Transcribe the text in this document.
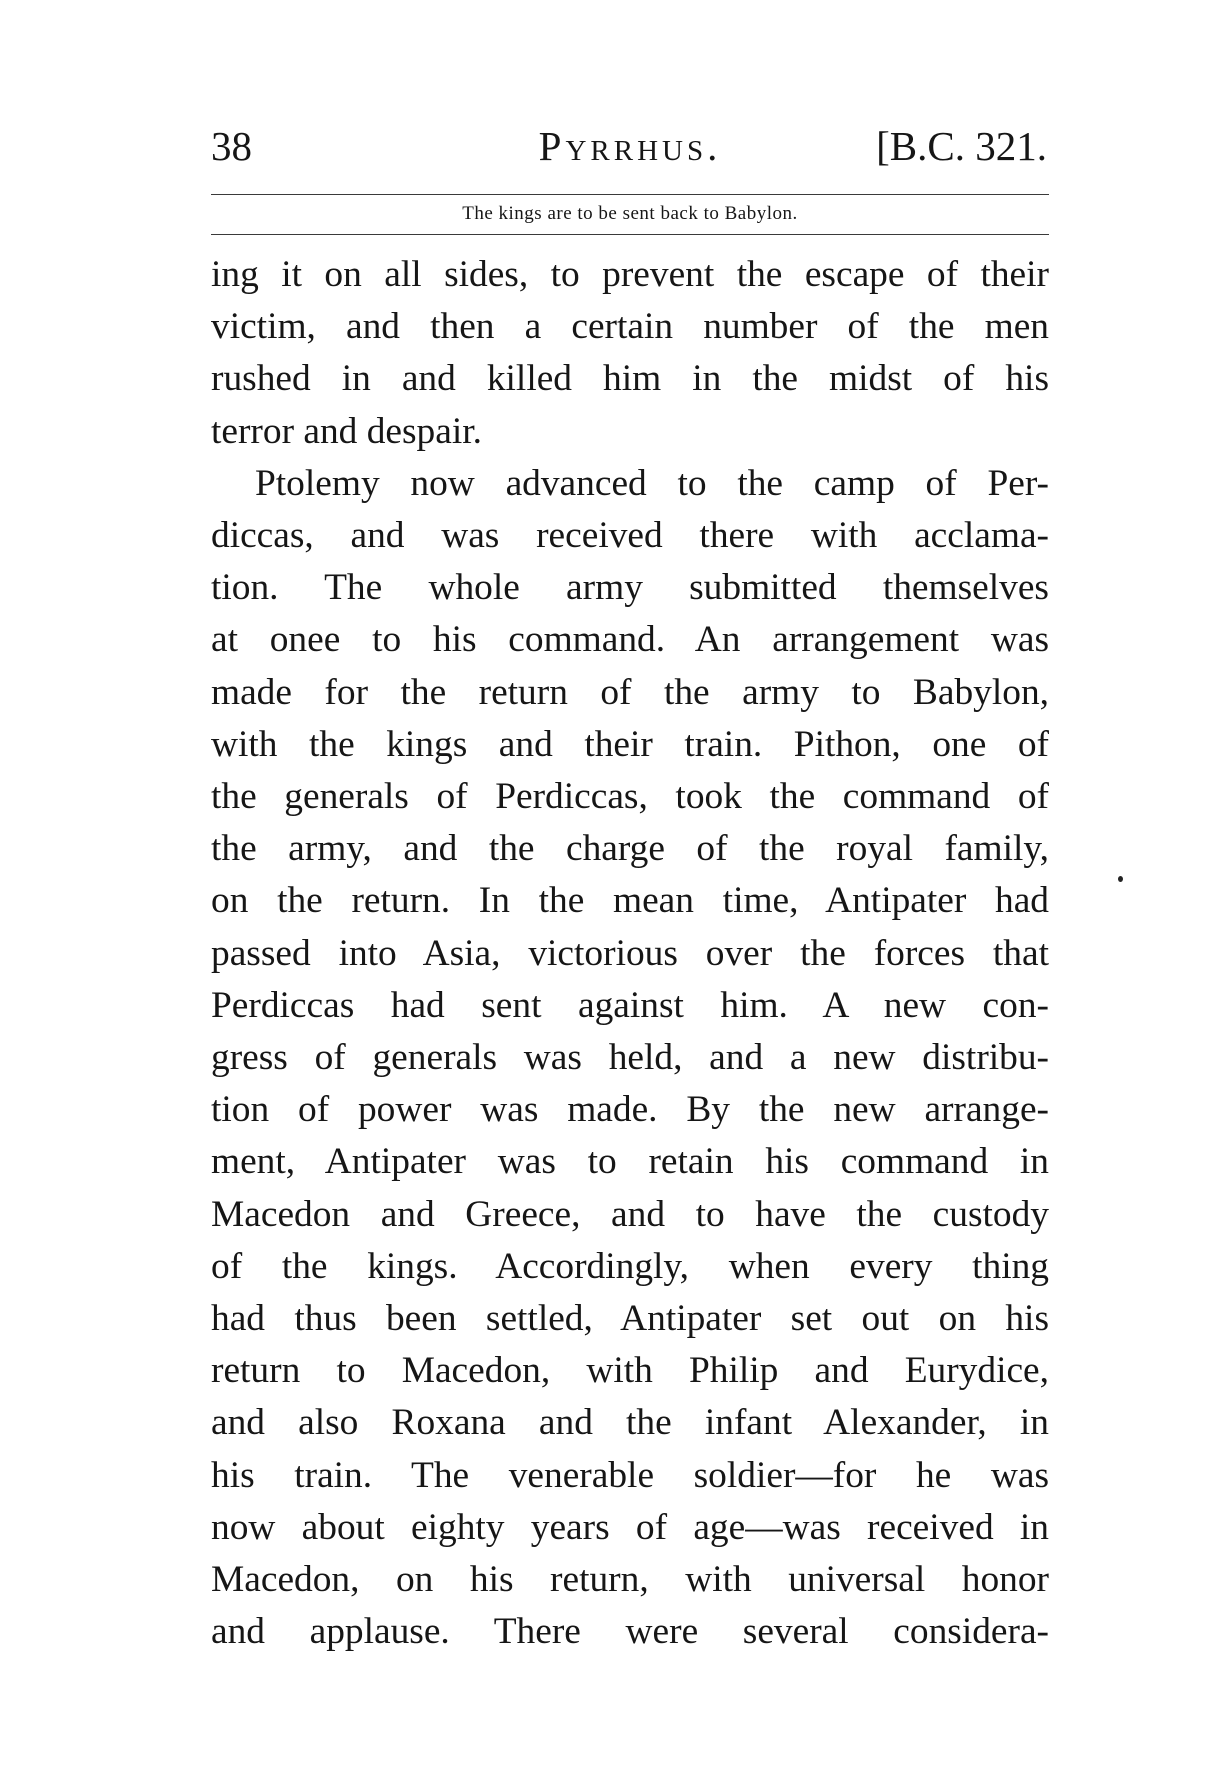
38	Pyrrhus.	[B.C. 321.
The kings are to be sent back to Babylon.
ing it on all sides, to prevent the escape of their
victim, and then a certain number of the men
rushed in and killed him in the midst of his
terror and despair.
Ptolemy now advanced to the camp of Per-
diccas, and was received there with acclama-
tion. The whole army submitted themselves
at onee to his command. An arrangement was
made for the return of the army to Babylon,
with the kings and their train. Pithon, one of
the generals of Perdiccas, took the command of
the army, and the charge of the royal family,
on the return. In the mean time, Antipater had
passed into Asia, victorious over the forces that
Perdiccas had sent against him. A new con-
gress of generals was held, and a new distribu-
tion of power was made. By the new arrange-
ment, Antipater was to retain his command in
Macedon and Greece, and to have the custody
of the kings. Accordingly, when every thing
had thus been settled, Antipater set out on his
return to Macedon, with Philip and Eurydice,
and also Roxana and the infant Alexander, in
his train. The venerable soldier—for he was
now about eighty years of age—was received in
Macedon, on his return, with universal honor
and applause. There were several considera-
